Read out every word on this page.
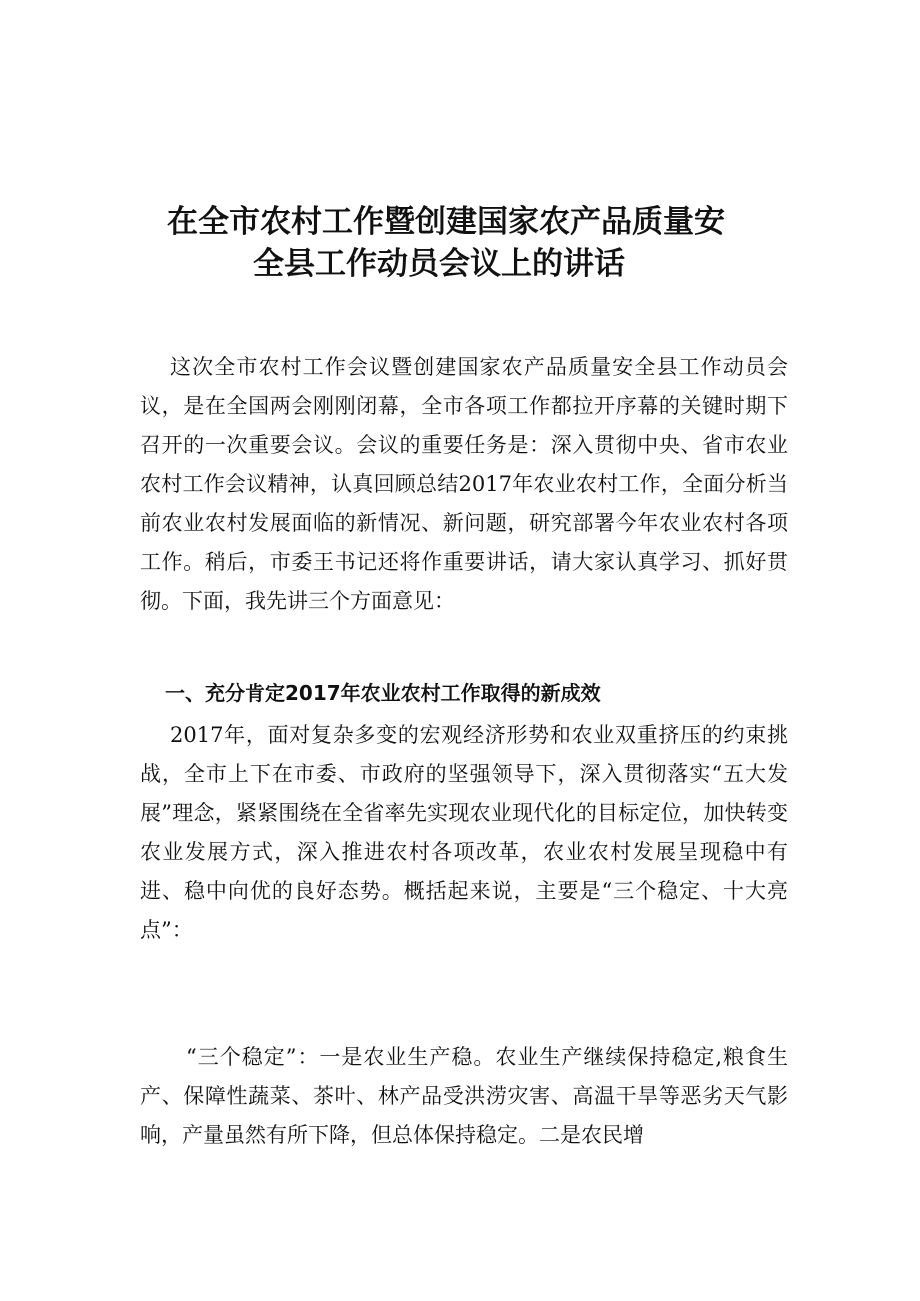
在全市农村工作暨创建国家农产品质量安
全县工作动员会议上的讲话

这次全市农村工作会议暨创建国家农产品质量安全县工作动员会议，是在全国两会刚刚闭幕，全市各项工作都拉开序幕的关键时期下召开的一次重要会议。会议的重要任务是：深入贯彻中央、省市农业农村工作会议精神，认真回顾总结2017年农业农村工作，全面分析当前农业农村发展面临的新情况、新问题，研究部署今年农业农村各项工作。稍后，市委王书记还将作重要讲话，请大家认真学习、抓好贯彻。下面，我先讲三个方面意见：

一、充分肯定2017年农业农村工作取得的新成效

2017年，面对复杂多变的宏观经济形势和农业双重挤压的约束挑战，全市上下在市委、市政府的坚强领导下，深入贯彻落实“五大发展”理念，紧紧围绕在全省率先实现农业现代化的目标定位，加快转变农业发展方式，深入推进农村各项改革，农业农村发展呈现稳中有进、稳中向优的良好态势。概括起来说，主要是“三个稳定、十大亮点”：

“三个稳定”：一是农业生产稳。农业生产继续保持稳定,粮食生产、保障性蔬菜、茶叶、林产品受洪涝灾害、高温干旱等恶劣天气影响，产量虽然有所下降，但总体保持稳定。二是农民增
